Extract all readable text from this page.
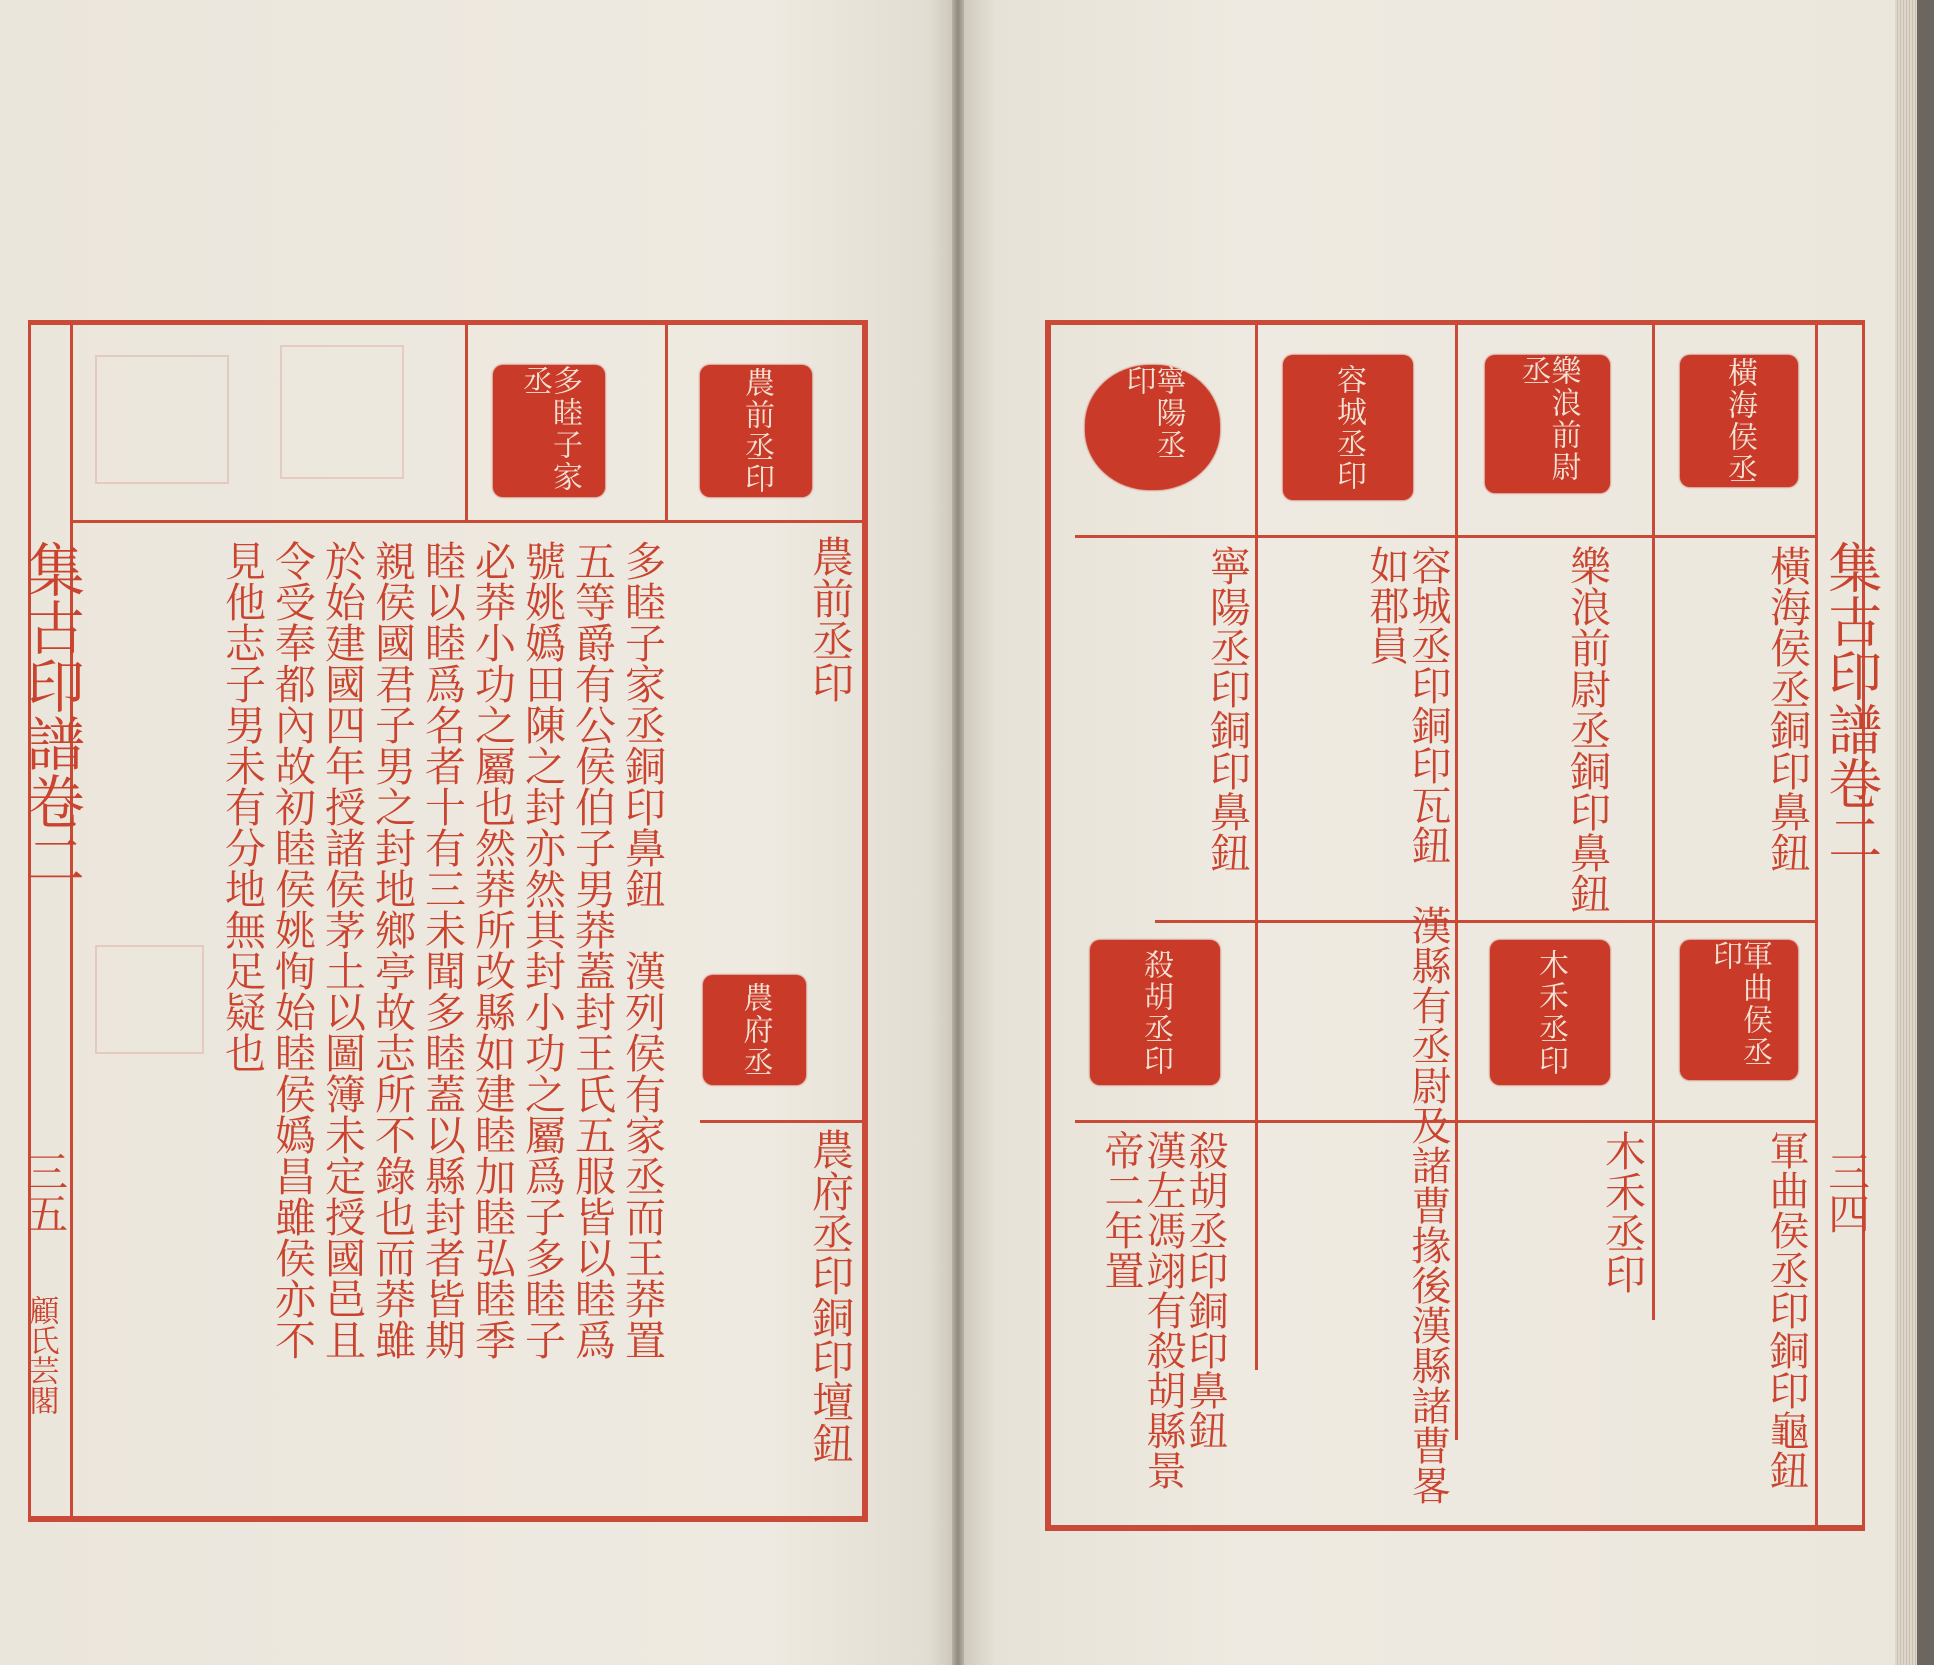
集古印譜卷二
三五
顧氏芸閣
多睦子家丞	農前丞印
農府丞
農前丞印
農府丞印銅印壇鈕
多睦子家丞銅印鼻鈕　漢列侯有家丞而王莽置
五等爵有公侯伯子男莽蓋封王氏五服皆以睦爲
號姚嬀田陳之封亦然其封小功之屬爲子多睦子
必莽小功之屬也然莽所改縣如建睦加睦弘睦季
睦以睦爲名者十有三未聞多睦蓋以縣封者皆期
親侯國君子男之封地鄉亭故志所不錄也而莽雖
於始建國四年授諸侯茅土以圖簿未定授國邑且
令受奉都內故初睦侯姚恂始睦侯嬀昌雖侯亦不
見他志子男未有分地無足疑也	集古印譜卷二
三四
橫海侯丞
樂浪前尉丞
容城丞印
寧陽丞印
軍曲侯丞印
木禾丞印
殺胡丞印
橫海侯丞銅印鼻鈕
樂浪前尉丞銅印鼻鈕
容城丞印銅印瓦鈕　漢縣有丞尉及諸曹掾後漢縣諸曹畧如郡員
寧陽丞印銅印鼻鈕
軍曲侯丞印銅印龜鈕
木禾丞印
殺胡丞印銅印鼻鈕　漢左馮翊有殺胡縣景帝二年置
